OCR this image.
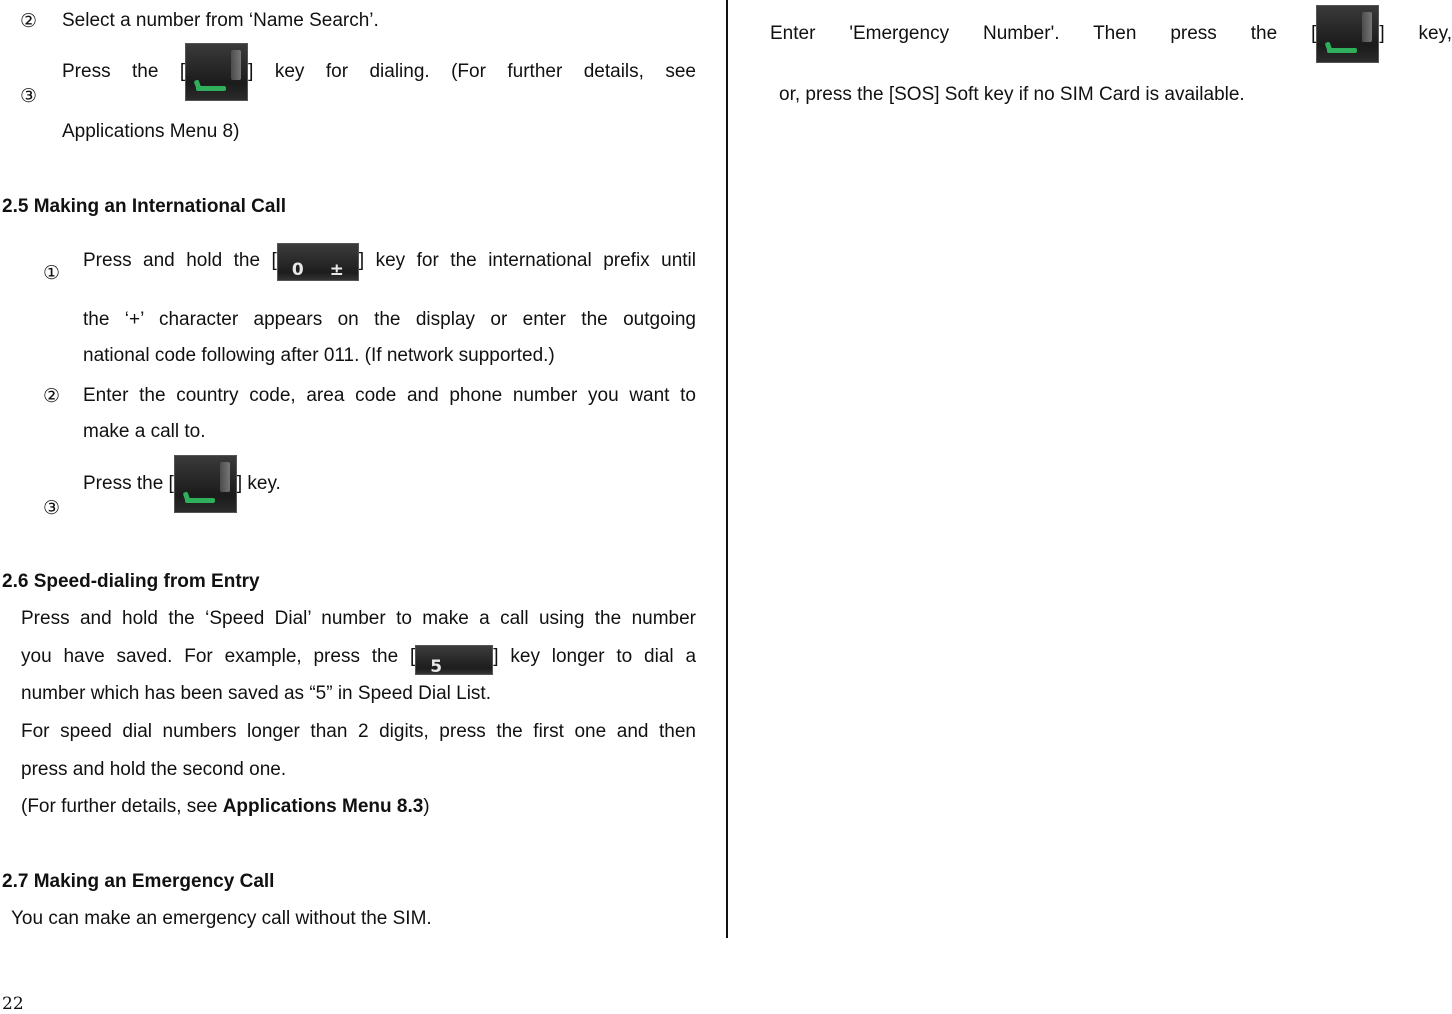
② Select a number from ‘Name Search’.
③
Press the [	] key for dialing. (For further details, see
Applications Menu 8)
2.5 Making an International Call
①
Press and hold the [ 0 ± ] key for the international prefix until
the ‘+’ character appears on the display or enter the outgoing
national code following after 011. (If network supported.)
② Enter the country code, area code and phone number you want to
make a call to.
③
Press the [	] key.
2.6 Speed-dialing from Entry
Press and hold the ‘Speed Dial’ number to make a call using the number
you have saved. For example, press the [ 5 ] key longer to dial a
number which has been saved as “5” in Speed Dial List.
For speed dial numbers longer than 2 digits, press the first one and then
press and hold the second one.
(For further details, see Applications Menu 8.3)
2.7 Making an Emergency Call
You can make an emergency call without the SIM.
Enter 'Emergency Number'. Then press the [	] key,
or, press the [SOS] Soft key if no SIM Card is available.
22
